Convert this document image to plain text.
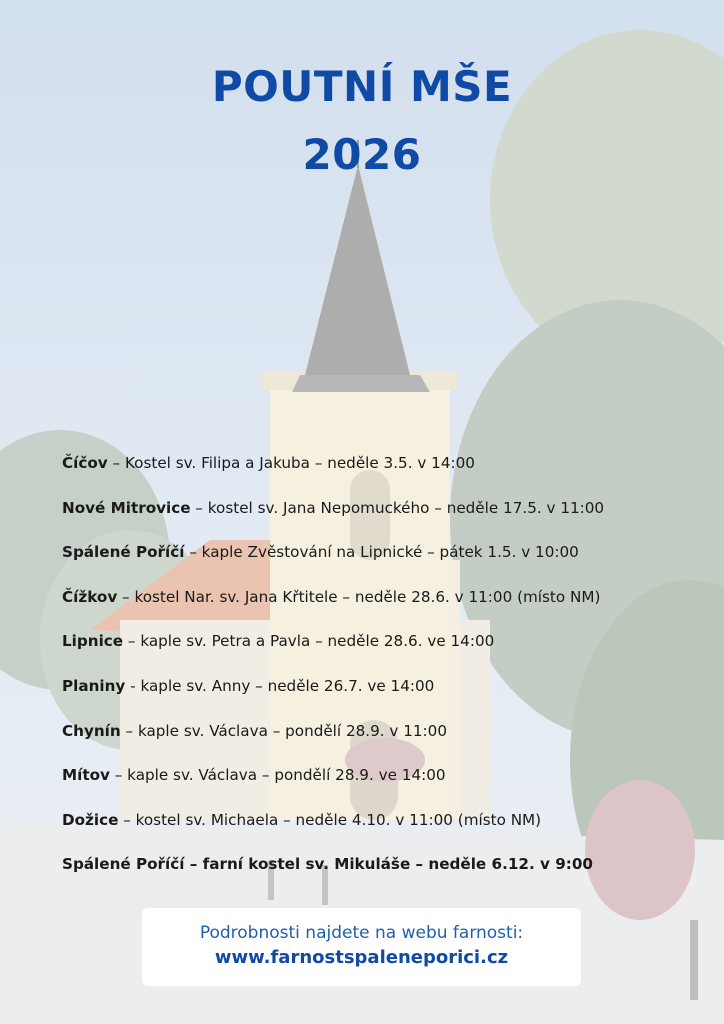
POUTNÍ MŠE
2026
Číčov – Kostel sv. Filipa a Jakuba – neděle 3.5. v 14:00
Nové Mitrovice – kostel sv. Jana Nepomuckého – neděle 17.5. v 11:00
Spálené Poříčí – kaple Zvěstování na Lipnické – pátek 1.5. v 10:00
Čížkov – kostel Nar. sv. Jana Křtitele – neděle 28.6. v 11:00 (místo NM)
Lipnice – kaple sv. Petra a Pavla – neděle 28.6. ve 14:00
Planiny - kaple sv. Anny – neděle 26.7. ve 14:00
Chynín – kaple sv. Václava – pondělí 28.9. v 11:00
Mítov – kaple sv. Václava – pondělí 28.9. ve 14:00
Dožice – kostel sv. Michaela – neděle 4.10. v 11:00 (místo NM)
Spálené Poříčí – farní kostel sv. Mikuláše – neděle 6.12. v 9:00
Podrobnosti najdete na webu farnosti:
www.farnostspaleneporici.cz
